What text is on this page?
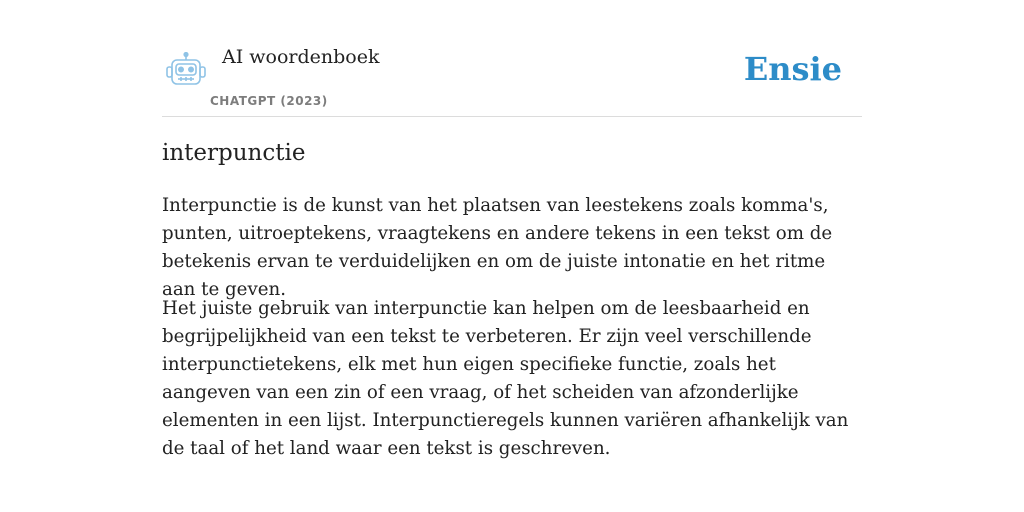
AI woordenboek
CHATGPT (2023)
Ensie
interpunctie

Interpunctie is de kunst van het plaatsen van leestekens zoals komma's, punten, uitroeptekens, vraagtekens en andere tekens in een tekst om de betekenis ervan te verduidelijken en om de juiste intonatie en het ritme aan te geven.

Het juiste gebruik van interpunctie kan helpen om de leesbaarheid en begrijpelijkheid van een tekst te verbeteren. Er zijn veel verschillende interpunctietekens, elk met hun eigen specifieke functie, zoals het aangeven van een zin of een vraag, of het scheiden van afzonderlijke elementen in een lijst. Interpunctieregels kunnen variëren afhankelijk van de taal of het land waar een tekst is geschreven.
